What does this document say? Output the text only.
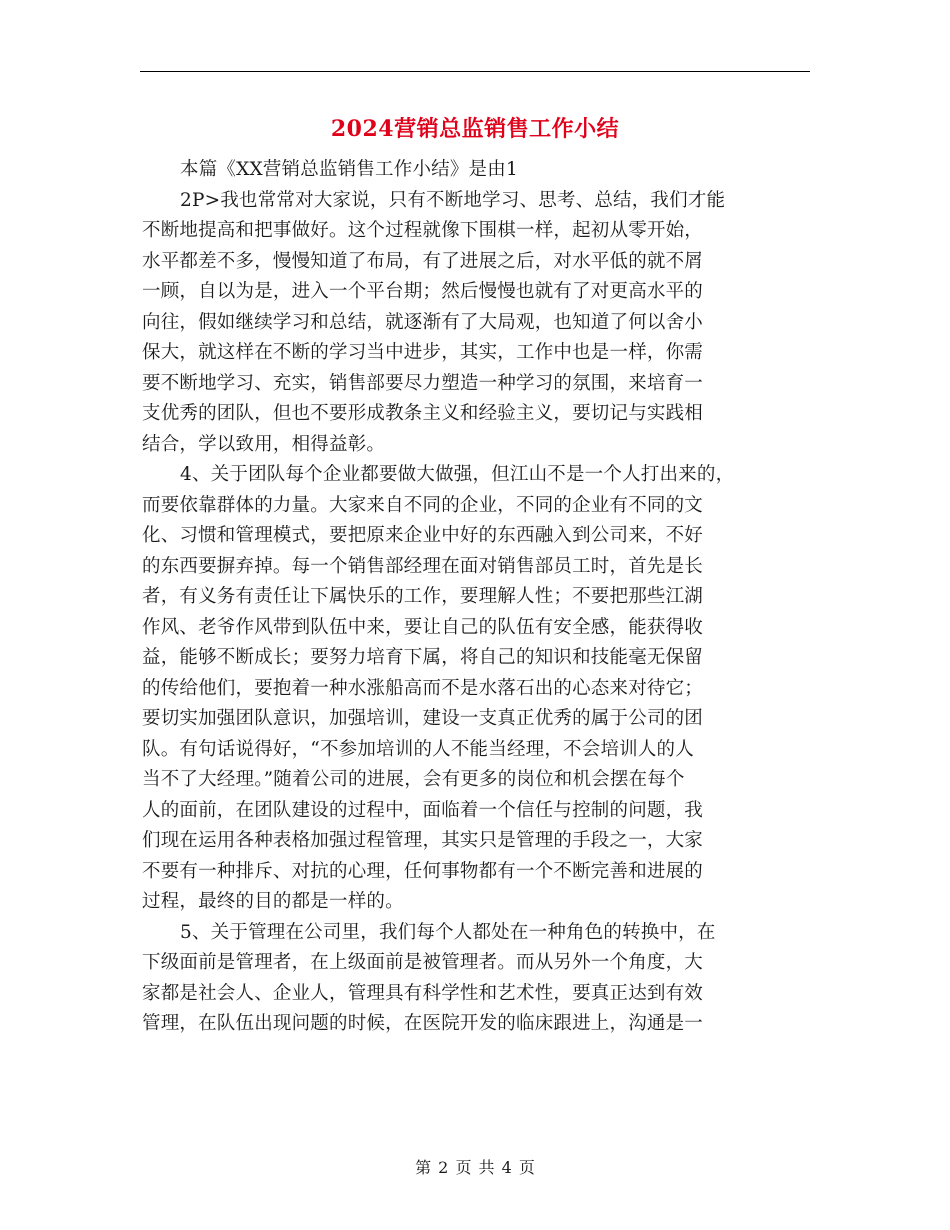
2024营销总监销售工作小结
本篇《XX营销总监销售工作小结》是由1
2P>我也常常对大家说，只有不断地学习、思考、总结，我们才能
不断地提高和把事做好。这个过程就像下围棋一样，起初从零开始，
水平都差不多，慢慢知道了布局，有了进展之后，对水平低的就不屑
一顾，自以为是，进入一个平台期；然后慢慢也就有了对更高水平的
向往，假如继续学习和总结，就逐渐有了大局观，也知道了何以舍小
保大，就这样在不断的学习当中进步，其实，工作中也是一样，你需
要不断地学习、充实，销售部要尽力塑造一种学习的氛围，来培育一
支优秀的团队，但也不要形成教条主义和经验主义，要切记与实践相
结合，学以致用，相得益彰。
4、关于团队每个企业都要做大做强，但江山不是一个人打出来的，
而要依靠群体的力量。大家来自不同的企业，不同的企业有不同的文
化、习惯和管理模式，要把原来企业中好的东西融入到公司来，不好
的东西要摒弃掉。每一个销售部经理在面对销售部员工时，首先是长
者，有义务有责任让下属快乐的工作，要理解人性；不要把那些江湖
作风、老爷作风带到队伍中来，要让自己的队伍有安全感，能获得收
益，能够不断成长；要努力培育下属，将自己的知识和技能毫无保留
的传给他们，要抱着一种水涨船高而不是水落石出的心态来对待它；
要切实加强团队意识，加强培训，建设一支真正优秀的属于公司的团
队。有句话说得好，“不参加培训的人不能当经理，不会培训人的人
当不了大经理。”随着公司的进展，会有更多的岗位和机会摆在每个
人的面前，在团队建设的过程中，面临着一个信任与控制的问题，我
们现在运用各种表格加强过程管理，其实只是管理的手段之一，大家
不要有一种排斥、对抗的心理，任何事物都有一个不断完善和进展的
过程，最终的目的都是一样的。
5、关于管理在公司里，我们每个人都处在一种角色的转换中，在
下级面前是管理者，在上级面前是被管理者。而从另外一个角度，大
家都是社会人、企业人，管理具有科学性和艺术性，要真正达到有效
管理，在队伍出现问题的时候，在医院开发的临床跟进上，沟通是一
第 2 页 共 4 页
